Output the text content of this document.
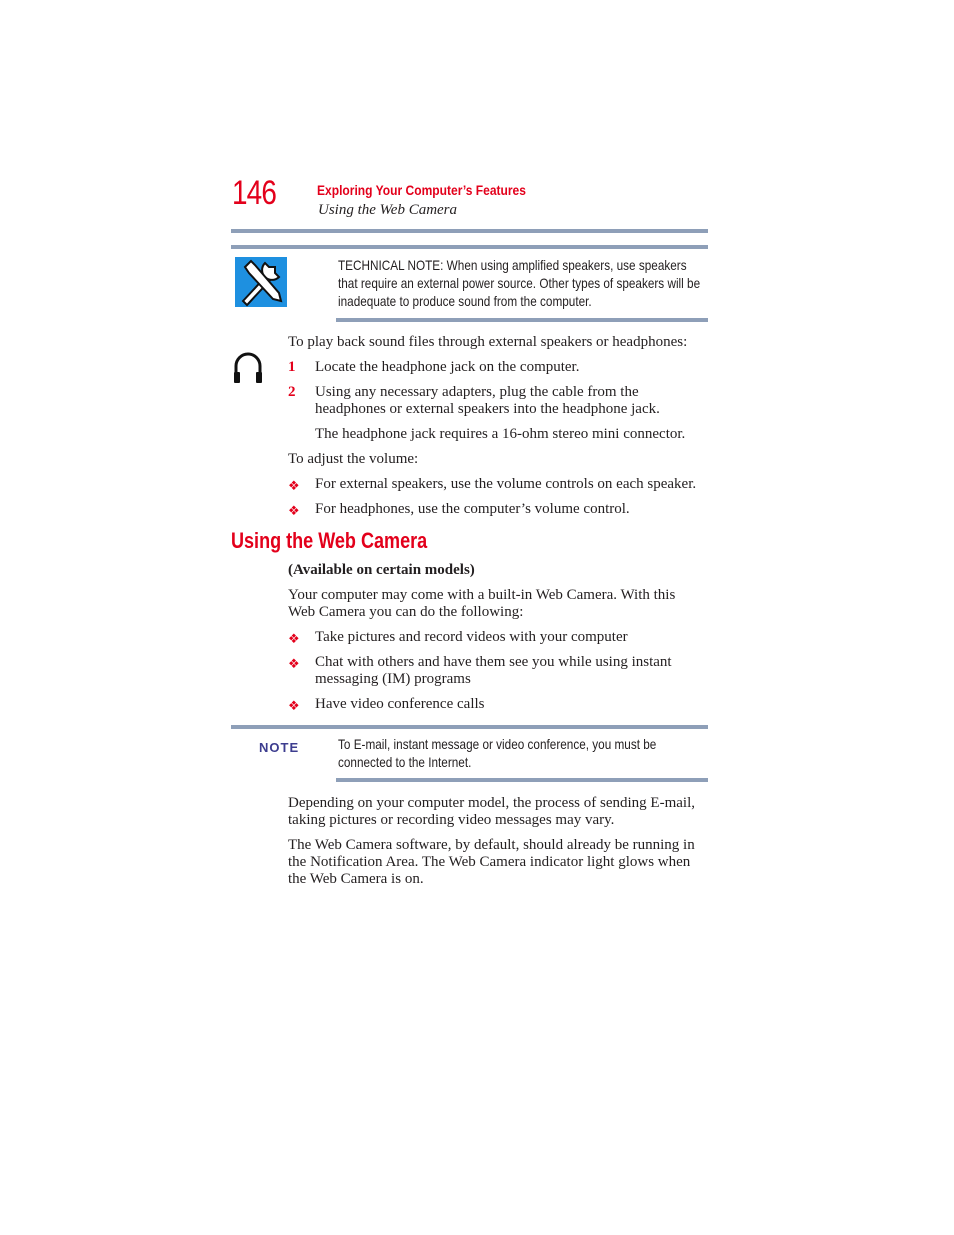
146	Exploring Your Computer’s Features
Using the Web Camera
TECHNICAL NOTE: When using amplified speakers, use speakers
that require an external power source. Other types of speakers will be
inadequate to produce sound from the computer.
To play back sound files through external speakers or headphones:
1 Locate the headphone jack on the computer.
2 Using any necessary adapters, plug the cable from the
headphones or external speakers into the headphone jack.
The headphone jack requires a 16-ohm stereo mini connector.
To adjust the volume:
❖ For external speakers, use the volume controls on each speaker.
❖ For headphones, use the computer’s volume control.
Using the Web Camera
(Available on certain models)
Your computer may come with a built-in Web Camera. With this
Web Camera you can do the following:
❖ Take pictures and record videos with your computer
❖ Chat with others and have them see you while using instant
messaging (IM) programs
❖ Have video conference calls
NOTE	To E-mail, instant message or video conference, you must be
connected to the Internet.
Depending on your computer model, the process of sending E-mail,
taking pictures or recording video messages may vary.
The Web Camera software, by default, should already be running in
the Notification Area. The Web Camera indicator light glows when
the Web Camera is on.
